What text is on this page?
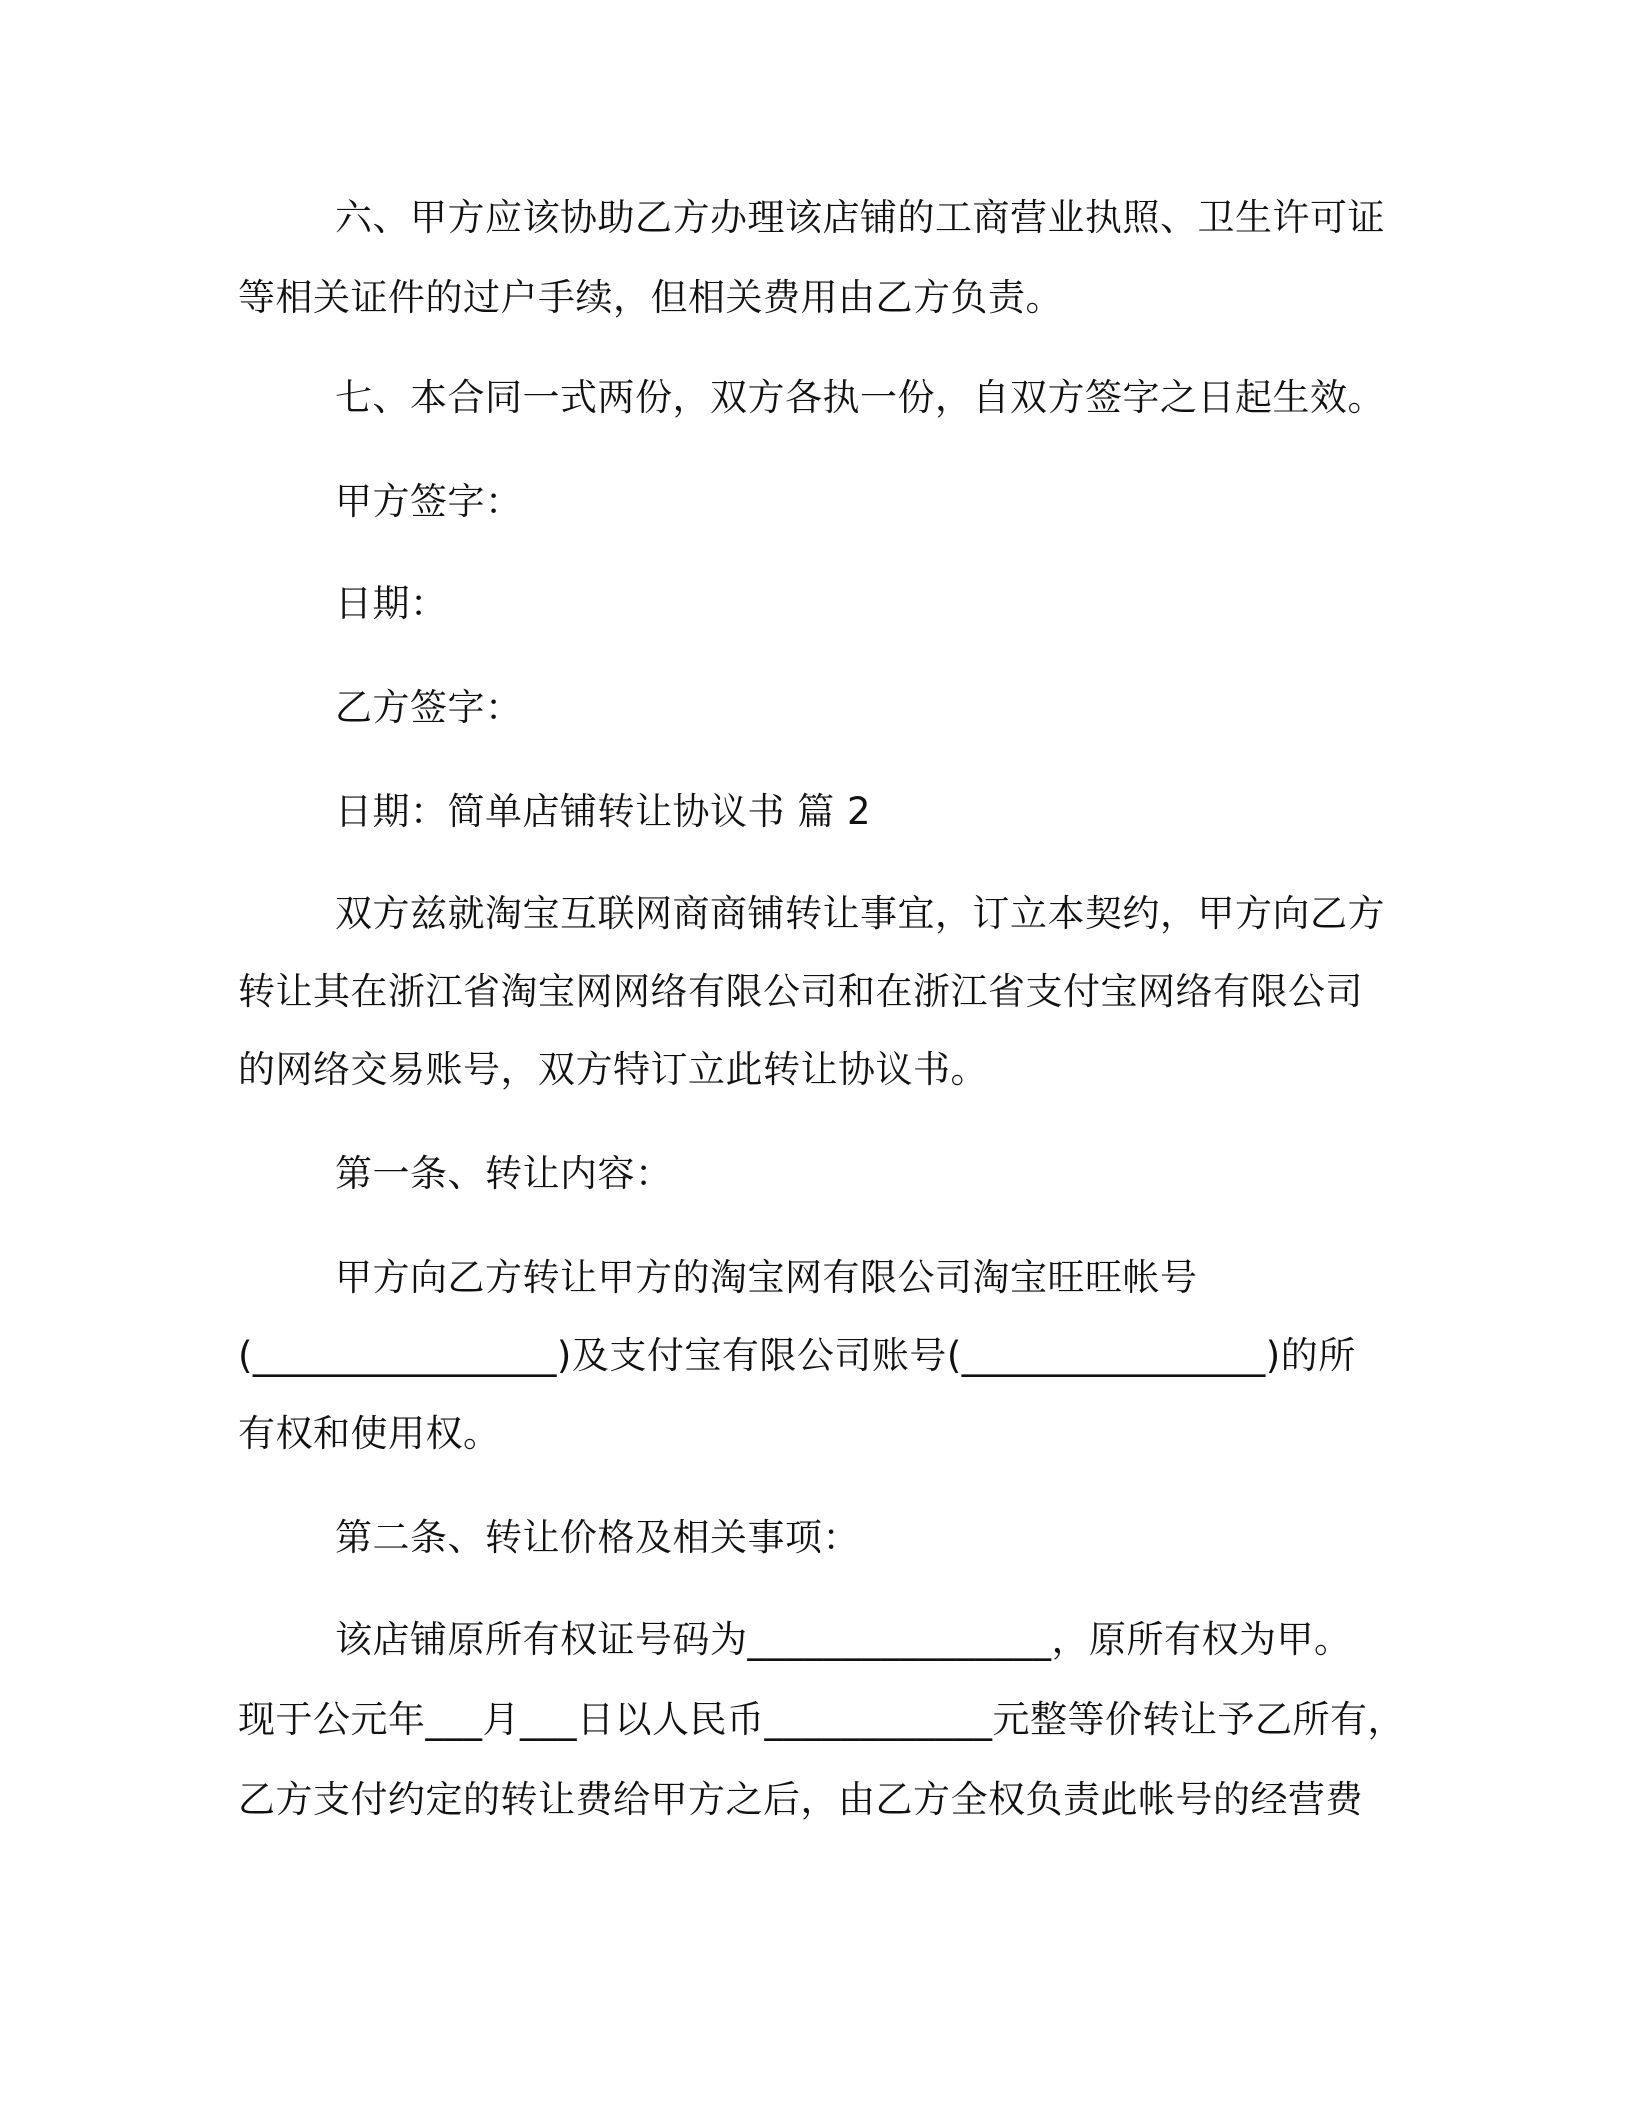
六、甲方应该协助乙方办理该店铺的工商营业执照、卫生许可证
等相关证件的过户手续，但相关费用由乙方负责。
七、本合同一式两份，双方各执一份，自双方签字之日起生效。
甲方签字：
日期：
乙方签字：
日期：简单店铺转让协议书 篇 2
双方兹就淘宝互联网商商铺转让事宜，订立本契约，甲方向乙方
转让其在浙江省淘宝网网络有限公司和在浙江省支付宝网络有限公司
的网络交易账号，双方特订立此转让协议书。
第一条、转让内容：
甲方向乙方转让甲方的淘宝网有限公司淘宝旺旺帐号
(________________)及支付宝有限公司账号(________________)的所
有权和使用权。
第二条、转让价格及相关事项：
该店铺原所有权证号码为________________，原所有权为甲。
现于公元年___月___日以人民币____________元整等价转让予乙所有，
乙方支付约定的转让费给甲方之后，由乙方全权负责此帐号的经营费
